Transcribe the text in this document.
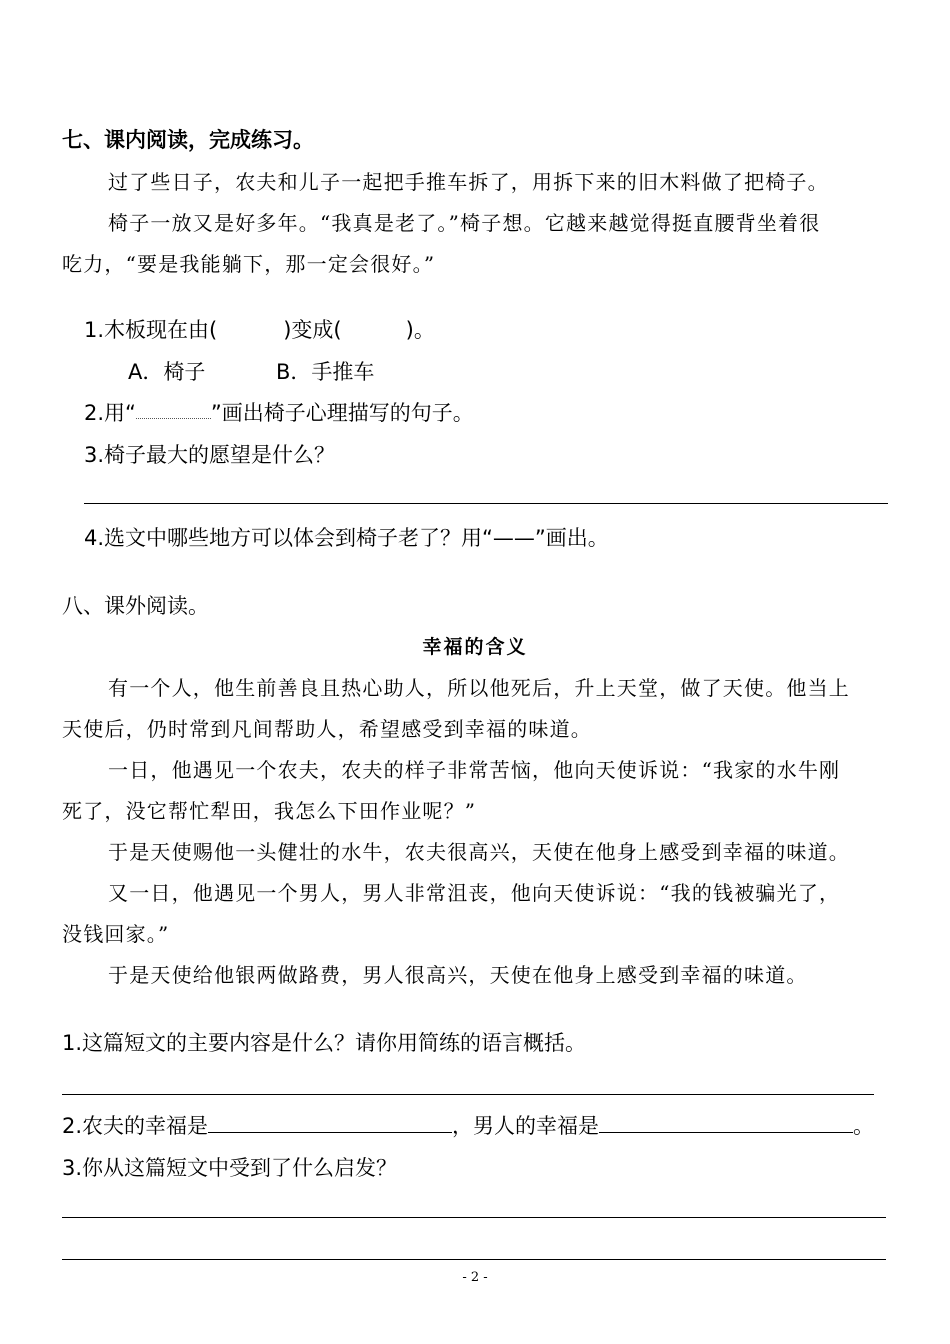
七、课内阅读，完成练习。
过了些日子，农夫和儿子一起把手推车拆了，用拆下来的旧木料做了把椅子。
椅子一放又是好多年。“我真是老了。”椅子想。它越来越觉得挺直腰背坐着很
吃力，“要是我能躺下，那一定会很好。”
1.木板现在由(	)变成(	)。
A．椅子	B．手推车
2.用“	”画出椅子心理描写的句子。
3.椅子最大的愿望是什么？
4.选文中哪些地方可以体会到椅子老了？用“——”画出。
八、课外阅读。
幸福的含义
有一个人，他生前善良且热心助人，所以他死后，升上天堂，做了天使。他当上
天使后，仍时常到凡间帮助人，希望感受到幸福的味道。
一日，他遇见一个农夫，农夫的样子非常苦恼，他向天使诉说：“我家的水牛刚
死了，没它帮忙犁田，我怎么下田作业呢？”
于是天使赐他一头健壮的水牛，农夫很高兴，天使在他身上感受到幸福的味道。
又一日，他遇见一个男人，男人非常沮丧，他向天使诉说：“我的钱被骗光了，
没钱回家。”
于是天使给他银两做路费，男人很高兴，天使在他身上感受到幸福的味道。
1.这篇短文的主要内容是什么？请你用简练的语言概括。
2.农夫的幸福是	，男人的幸福是	。
3.你从这篇短文中受到了什么启发？
- 2 -
